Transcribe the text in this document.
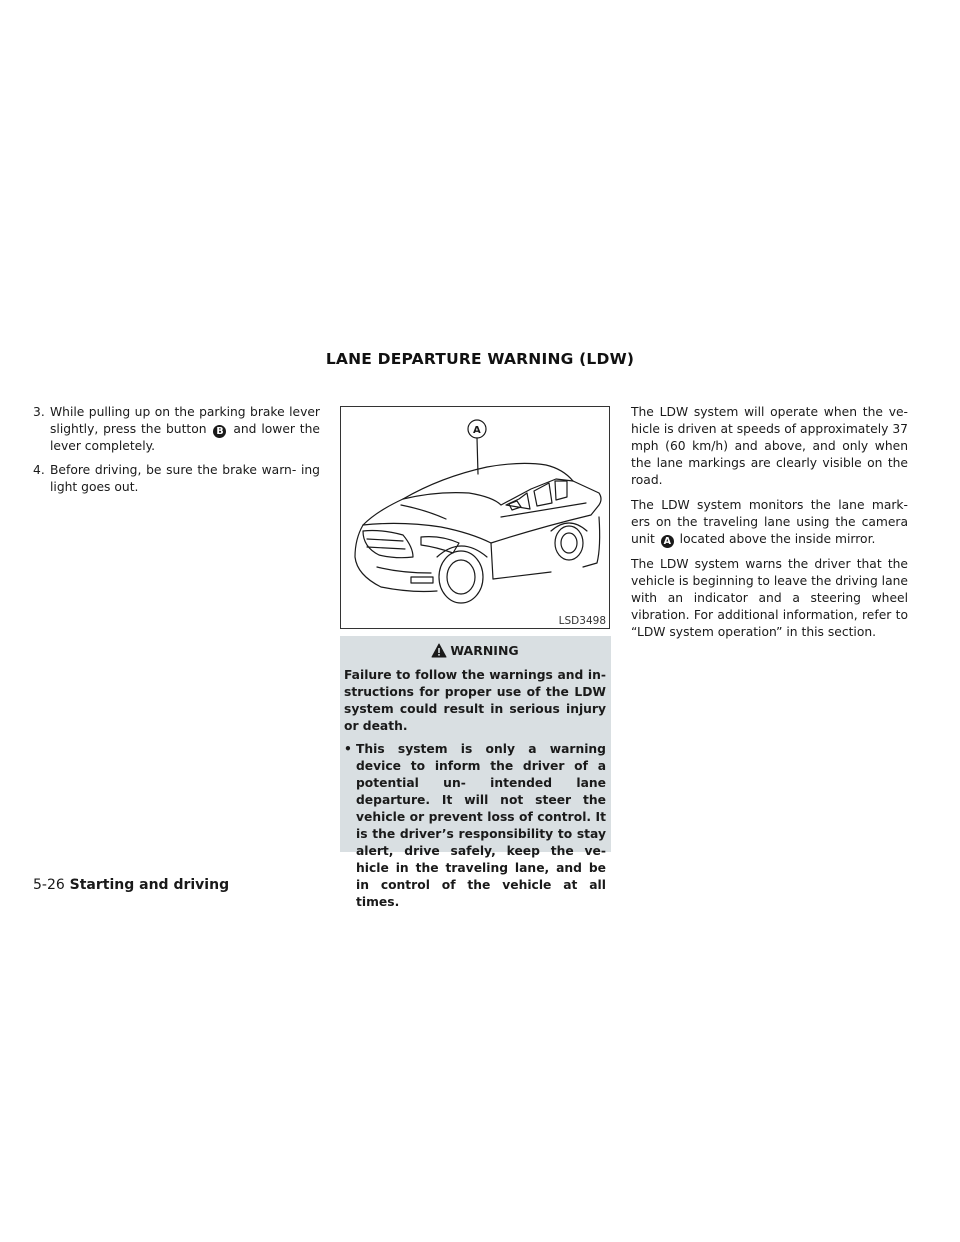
LANE DEPARTURE WARNING (LDW)
3. While pulling up on the parking brake lever slightly, press the button B and lower the lever completely.
4. Before driving, be sure the brake warn- ing light goes out.
A
LSD3498
WARNING

Failure to follow the warnings and in- structions for proper use of the LDW system could result in serious injury or death.

• This system is only a warning device to inform the driver of a potential un- intended lane departure. It will not steer the vehicle or prevent loss of control. It is the driver’s responsibility to stay alert, drive safely, keep the ve- hicle in the traveling lane, and be in control of the vehicle at all times.

The LDW system will operate when the ve- hicle is driven at speeds of approximately 37 mph (60 km/h) and above, and only when the lane markings are clearly visible on the road.

The LDW system monitors the lane mark- ers on the traveling lane using the camera unit A located above the inside mirror.

The LDW system warns the driver that the vehicle is beginning to leave the driving lane with an indicator and a steering wheel vibration. For additional information, refer to “LDW system operation” in this section.

5-26 Starting and driving
